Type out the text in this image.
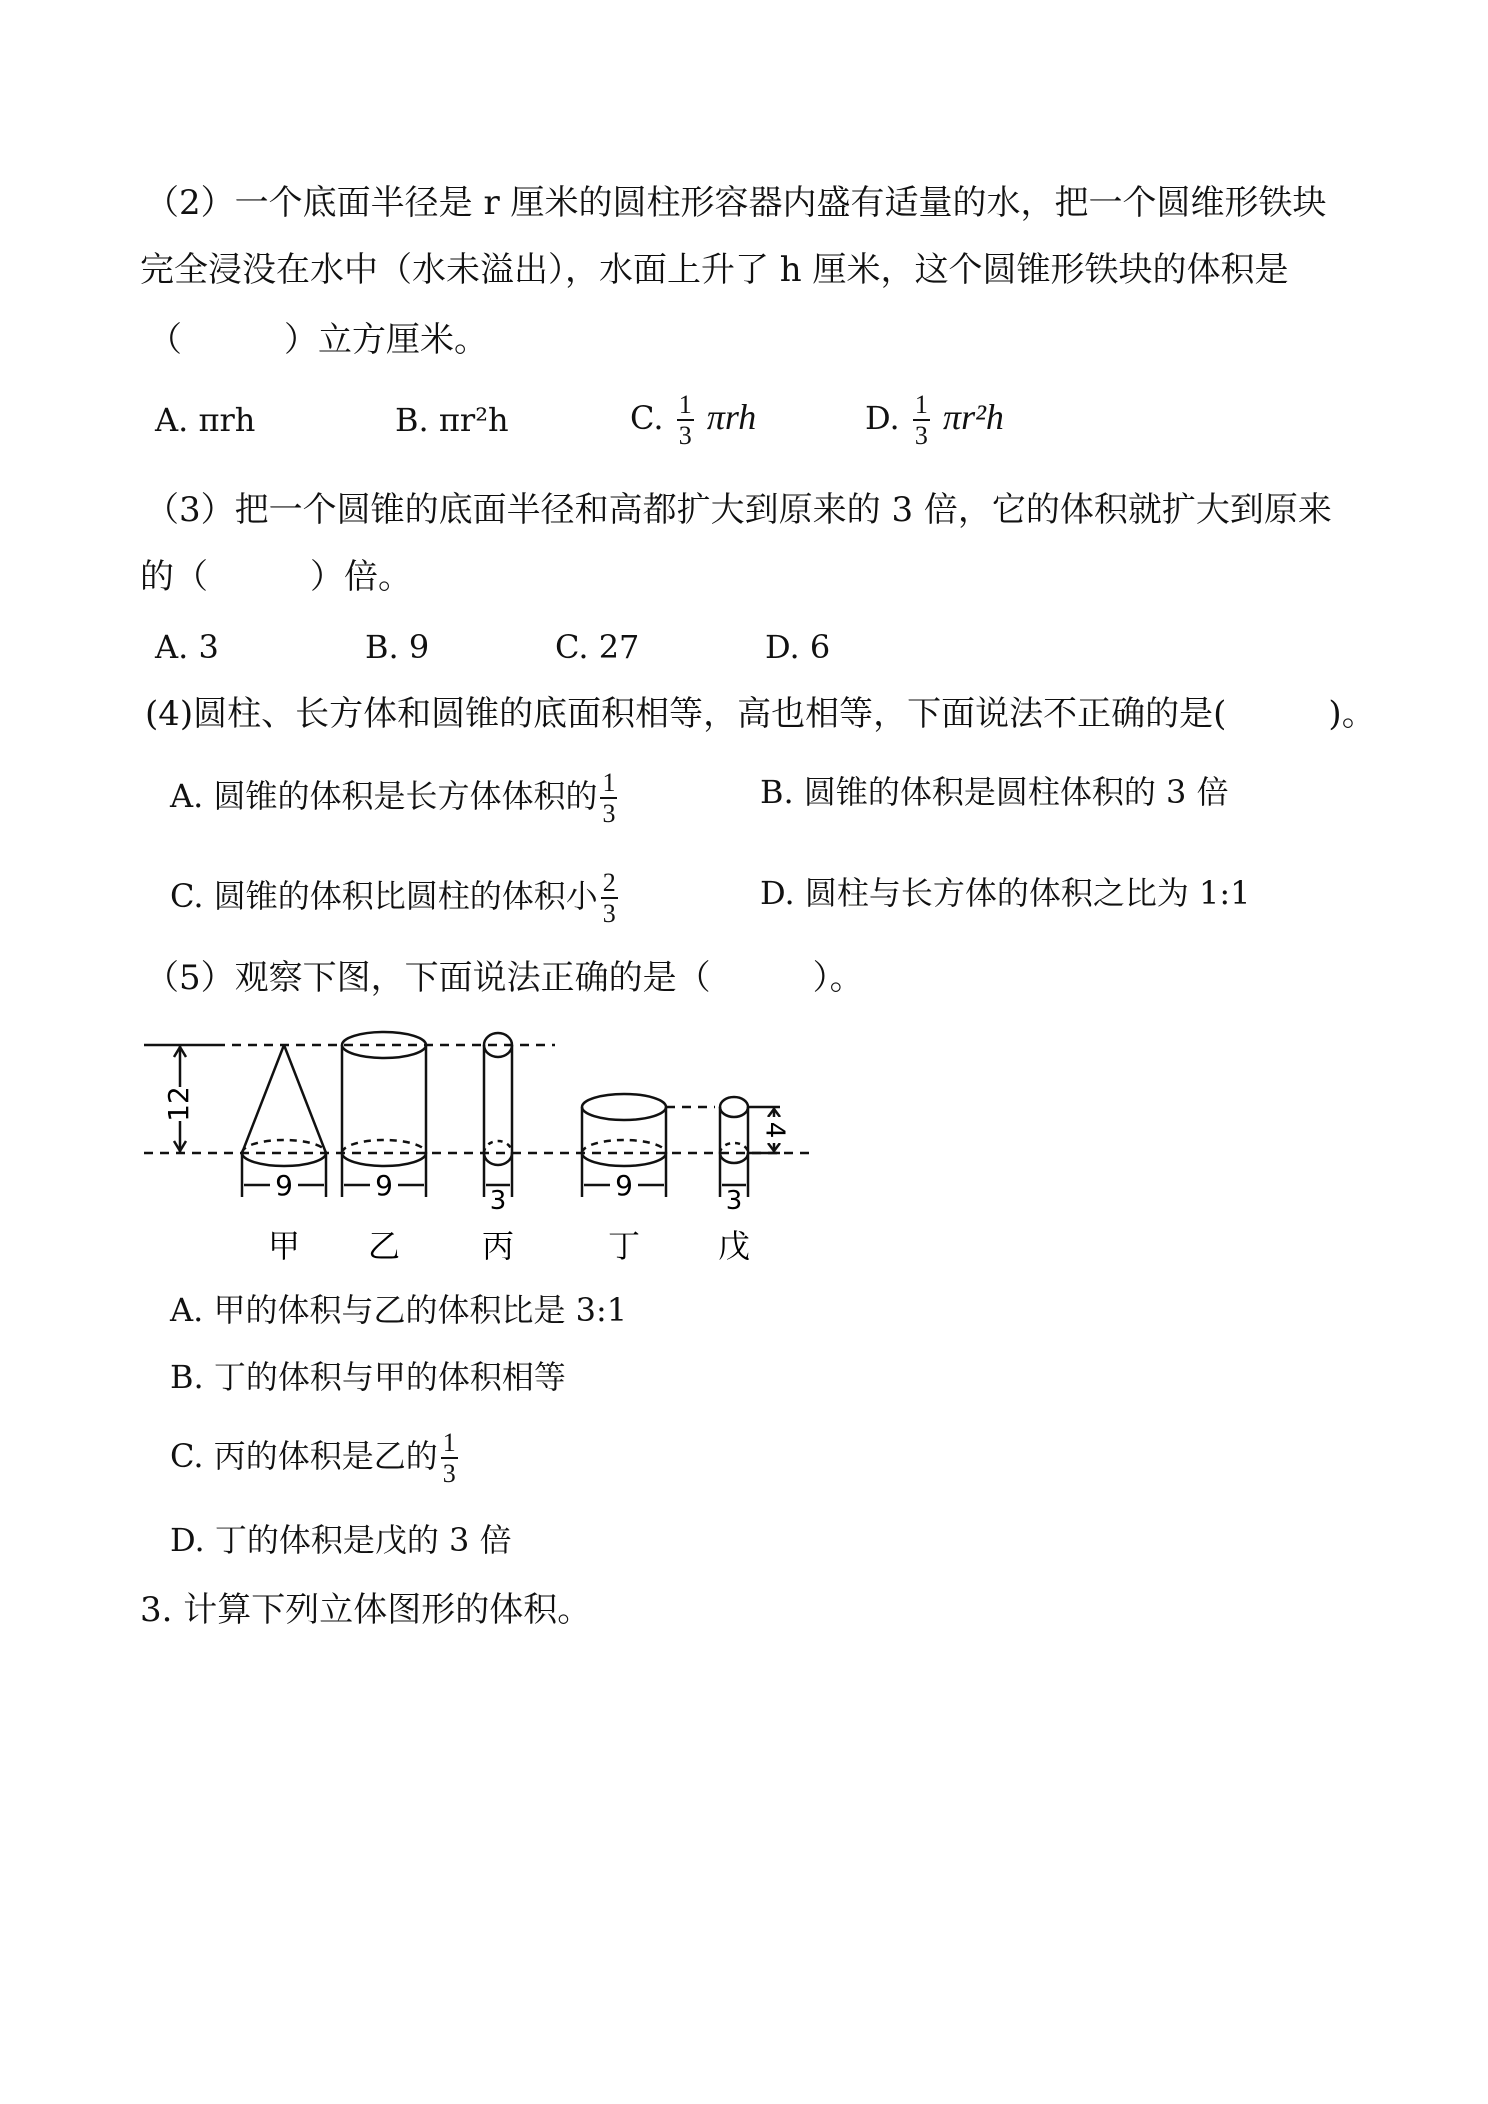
（2）一个底面半径是 r 厘米的圆柱形容器内盛有适量的水，把一个圆维形铁块
完全浸没在水中（水未溢出），水面上升了 h 厘米，这个圆锥形铁块的体积是
（　　　）立方厘米。
A. πrh	B. πr²h	C. $\frac{1}{3}$ πrh	D. $\frac{1}{3} \pi r^2h$
（3）把一个圆锥的底面半径和高都扩大到原来的 3 倍，它的体积就扩大到原来
的（　　　）倍。
A. 3	B. 9	C. 27	D. 6
(4)圆柱、长方体和圆锥的底面积相等，高也相等，下面说法不正确的是(　　　)。
A. 圆锥的体积是长方体体积的 $\frac{1}{3}$	B. 圆锥的体积是圆柱体积的 3 倍
C. 圆锥的体积比圆柱的体积小 $\frac{2}{3}$	D. 圆柱与长方体的体积之比为 1:1
（5）观察下图，下面说法正确的是（　　　）。
12
4
9	9	3	9	3
甲 乙	丙	丁 戊
A. 甲的体积与乙的体积比是 3:1
B. 丁的体积与甲的体积相等
C. 丙的体积是乙的 $\frac{1}{3}$
D. 丁的体积是戊的 3 倍
3. 计算下列立体图形的体积。
